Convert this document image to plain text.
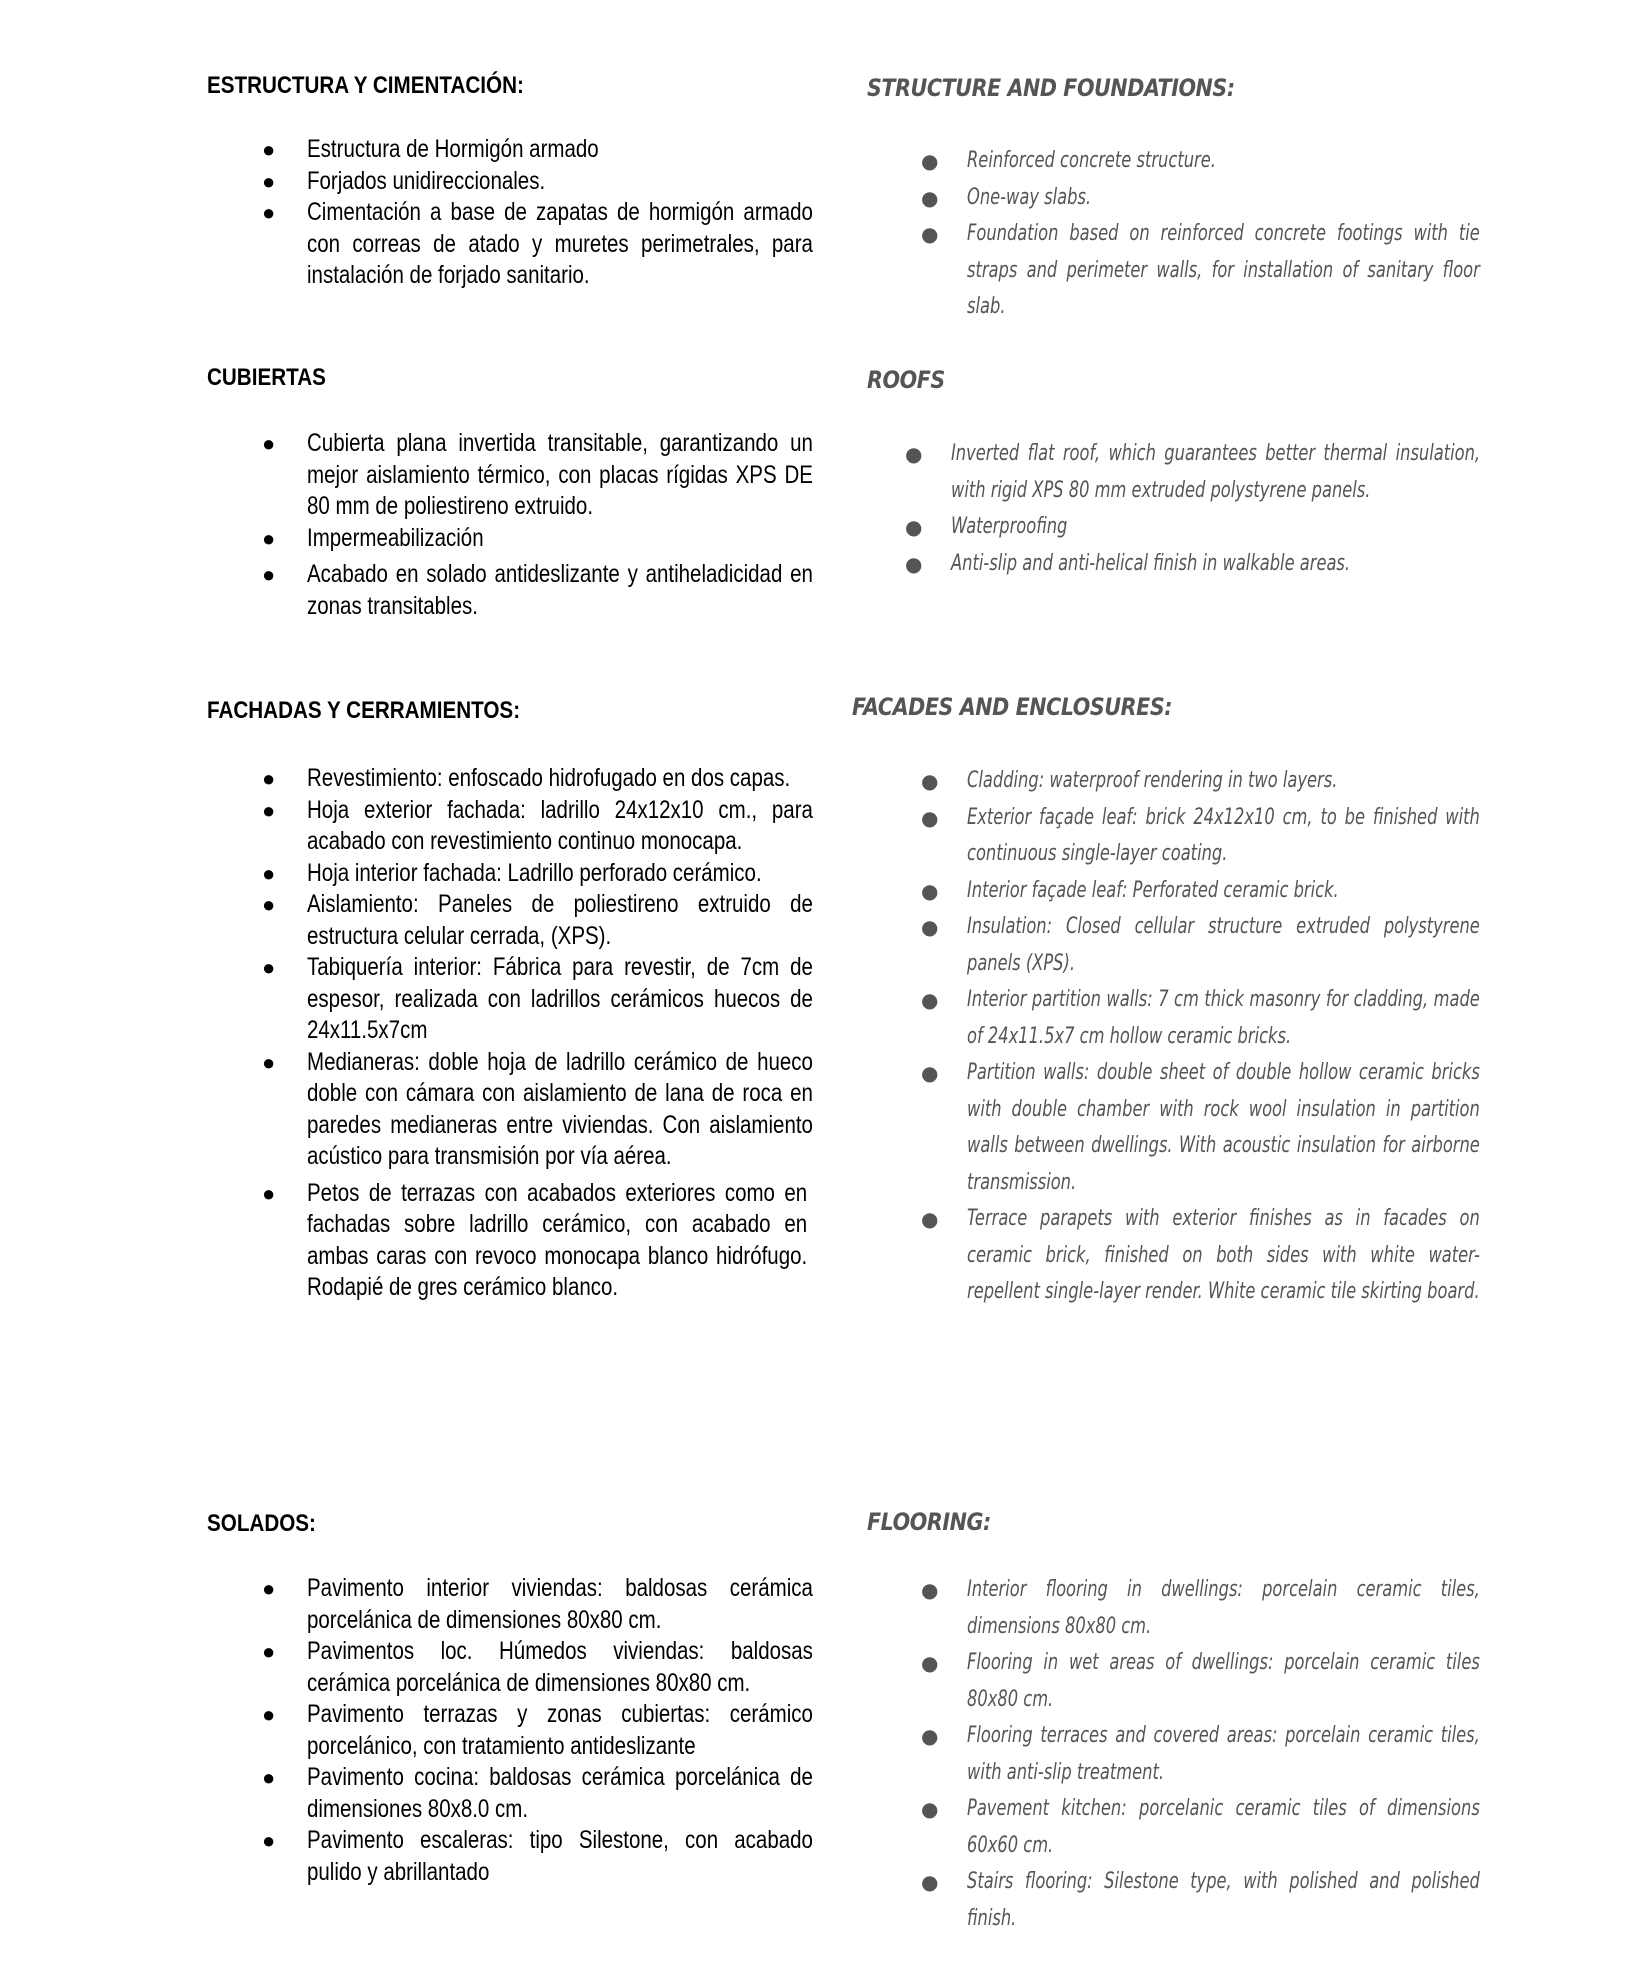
ESTRUCTURA Y CIMENTACIÓN:
● Estructura de Hormigón armado
● Forjados unidireccionales.
● Cimentación a base de zapatas de hormigón armado con correas de atado y muretes perimetrales, para instalación de forjado sanitario.
CUBIERTAS
● Cubierta plana invertida transitable, garantizando un mejor aislamiento térmico, con placas rígidas XPS DE 80 mm de poliestireno extruido.
● Impermeabilización
● Acabado en solado antideslizante y antiheladicidad en zonas transitables.
FACHADAS Y CERRAMIENTOS:
● Revestimiento: enfoscado hidrofugado en dos capas.
● Hoja exterior fachada: ladrillo 24x12x10 cm., para acabado con revestimiento continuo monocapa.
● Hoja interior fachada: Ladrillo perforado cerámico.
● Aislamiento: Paneles de poliestireno extruido de estructura celular cerrada, (XPS).
● Tabiquería interior: Fábrica para revestir, de 7cm de espesor, realizada con ladrillos cerámicos huecos de 24x11.5x7cm
● Medianeras: doble hoja de ladrillo cerámico de hueco doble con cámara con aislamiento de lana de roca en paredes medianeras entre viviendas. Con aislamiento acústico para transmisión por vía aérea.
● Petos de terrazas con acabados exteriores como en fachadas sobre ladrillo cerámico, con acabado en ambas caras con revoco monocapa blanco hidrófugo. Rodapié de gres cerámico blanco.
SOLADOS:
● Pavimento interior viviendas: baldosas cerámica porcelánica de dimensiones 80x80 cm.
● Pavimentos loc. Húmedos viviendas: baldosas cerámica porcelánica de dimensiones 80x80 cm.
● Pavimento terrazas y zonas cubiertas: cerámico porcelánico, con tratamiento antideslizante
● Pavimento cocina: baldosas cerámica porcelánica de dimensiones 80x8.0 cm.
● Pavimento escaleras: tipo Silestone, con acabado pulido y abrillantado
STRUCTURE AND FOUNDATIONS:
● Reinforced concrete structure.
● One-way slabs.
● Foundation based on reinforced concrete footings with tie straps and perimeter walls, for installation of sanitary floor slab.
ROOFS
● Inverted flat roof, which guarantees better thermal insulation, with rigid XPS 80 mm extruded polystyrene panels.
● Waterproofing
● Anti-slip and anti-helical finish in walkable areas.
FACADES AND ENCLOSURES:
● Cladding: waterproof rendering in two layers.
● Exterior façade leaf: brick 24x12x10 cm, to be finished with continuous single-layer coating.
● Interior façade leaf: Perforated ceramic brick.
● Insulation: Closed cellular structure extruded polystyrene panels (XPS).
● Interior partition walls: 7 cm thick masonry for cladding, made of 24x11.5x7 cm hollow ceramic bricks.
● Partition walls: double sheet of double hollow ceramic bricks with double chamber with rock wool insulation in partition walls between dwellings. With acoustic insulation for airborne transmission.
● Terrace parapets with exterior finishes as in facades on ceramic brick, finished on both sides with white water-repellent single-layer render. White ceramic tile skirting board.
FLOORING:
● Interior flooring in dwellings: porcelain ceramic tiles, dimensions 80x80 cm.
● Flooring in wet areas of dwellings: porcelain ceramic tiles 80x80 cm.
● Flooring terraces and covered areas: porcelain ceramic tiles, with anti-slip treatment.
● Pavement kitchen: porcelanic ceramic tiles of dimensions 60x60 cm.
● Stairs flooring: Silestone type, with polished and polished finish.
